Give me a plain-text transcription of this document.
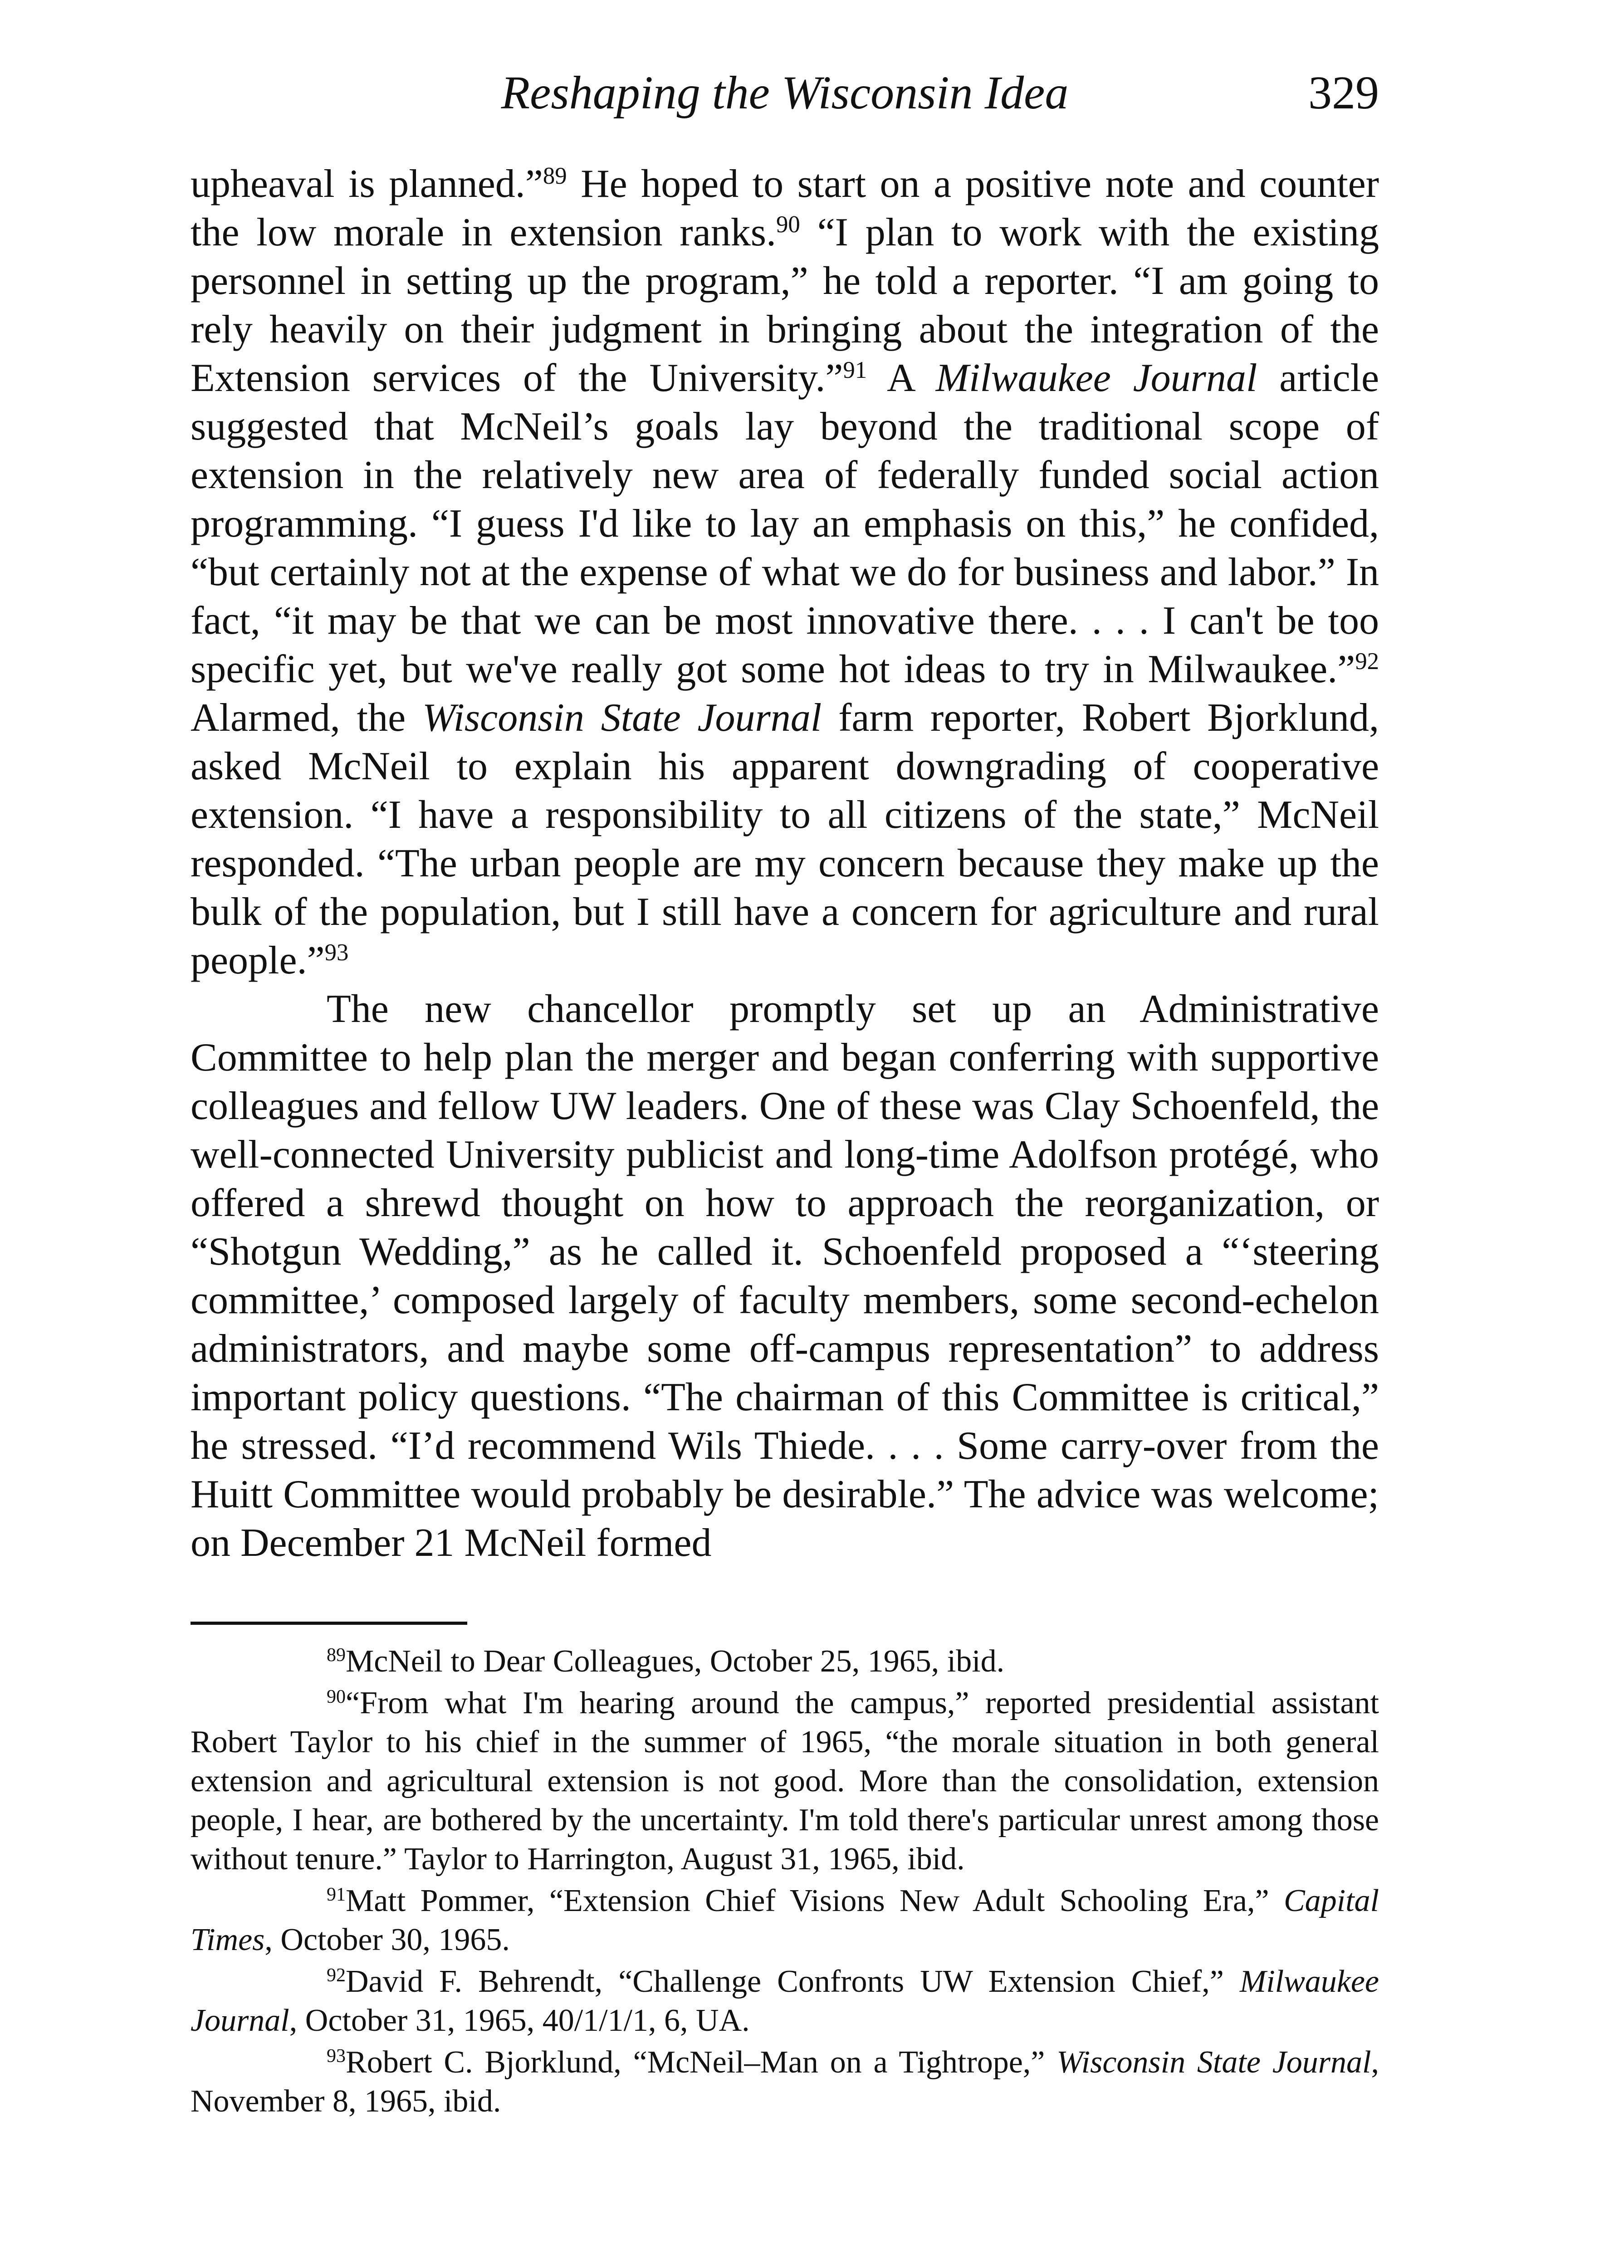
Reshaping the Wisconsin Idea	329

upheaval is planned.”$^{89}$ He hoped to start on a positive note and counter the low morale in extension ranks.$^{90}$ “I plan to work with the existing personnel in setting up the program,” he told a reporter. “I am going to rely heavily on their judgment in bringing about the integration of the Extension services of the University.”$^{91}$ A Milwaukee Journal article suggested that McNeil’s goals lay beyond the traditional scope of extension in the relatively new area of federally funded social action programming. “I guess I'd like to lay an emphasis on this,” he confided, “but certainly not at the expense of what we do for business and labor.” In fact, “it may be that we can be most innovative there. . . . I can't be too specific yet, but we've really got some hot ideas to try in Milwaukee.”$^{92}$ Alarmed, the Wisconsin State Journal farm reporter, Robert Bjorklund, asked McNeil to explain his apparent downgrading of cooperative extension. “I have a responsibility to all citizens of the state,” McNeil responded. “The urban people are my concern because they make up the bulk of the population, but I still have a concern for agriculture and rural people.”$^{93}$

The new chancellor promptly set up an Administrative Committee to help plan the merger and began conferring with supportive colleagues and fellow UW leaders. One of these was Clay Schoenfeld, the well-connected University publicist and long-time Adolfson protégé, who offered a shrewd thought on how to approach the reorganization, or “Shotgun Wedding,” as he called it. Schoenfeld proposed a “‘steering committee,’ composed largely of faculty members, some second-echelon administrators, and maybe some off-campus representation” to address important policy questions. “The chairman of this Committee is critical,” he stressed. “I’d recommend Wils Thiede. . . . Some carry-over from the Huitt Committee would probably be desirable.” The advice was welcome; on December 21 McNeil formed

$^{89}$McNeil to Dear Colleagues, October 25, 1965, ibid.

$^{90}$“From what I'm hearing around the campus,” reported presidential assistant Robert Taylor to his chief in the summer of 1965, “the morale situation in both general extension and agricultural extension is not good. More than the consolidation, extension people, I hear, are bothered by the uncertainty. I'm told there's particular unrest among those without tenure.” Taylor to Harrington, August 31, 1965, ibid.

$^{91}$Matt Pommer, “Extension Chief Visions New Adult Schooling Era,” Capital Times, October 30, 1965.

$^{92}$David F. Behrendt, “Challenge Confronts UW Extension Chief,” Milwaukee Journal, October 31, 1965, 40/1/1/1, 6, UA.

$^{93}$Robert C. Bjorklund, “McNeil–Man on a Tightrope,” Wisconsin State Journal, November 8, 1965, ibid.
